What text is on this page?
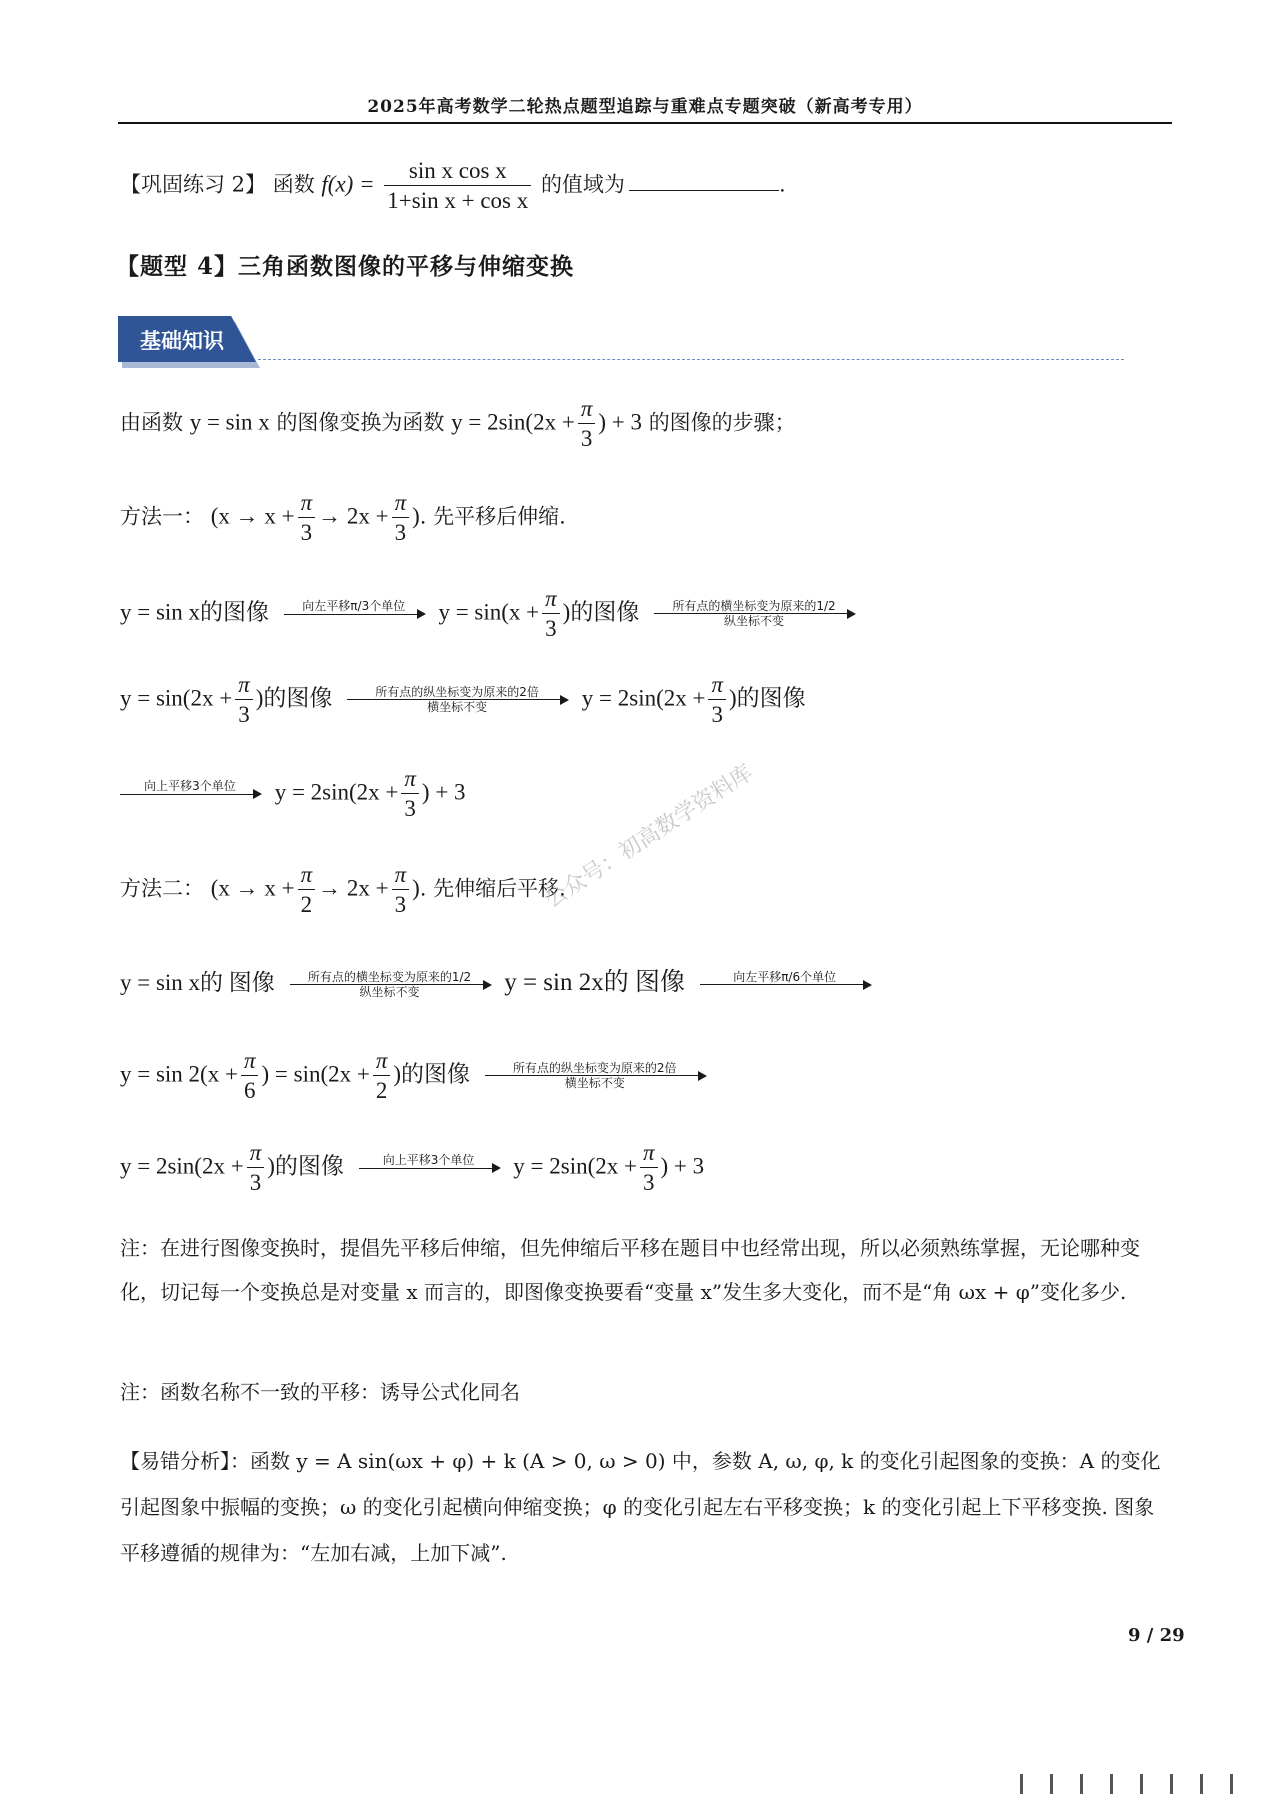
2025年高考数学二轮热点题型追踪与重难点专题突破（新高考专用）
【巩固练习 2】 函数 $f(x) = \frac{\text{sin x cos x}}{\text{1+sin x + cos x}}$ 的值域为	.
【题型 4】三角函数图像的平移与伸缩变换
基础知识
由函数 y = sin x 的图像变换为函数 $y = 2\sin(2x + \frac{\pi}{3}$ ) + 3 的图像的步骤；
方法一： ($x \to x + \frac{\pi}{3} \to 2x + \frac{\pi}{3}$ ). 先平移后伸缩.
y = sin x的图像	向左平移π/3个单位	$y = \sin(x + \frac{\pi}{3}$ )的图像	所有点的横坐标变为原来的1/2
纵坐标不变
$y = \sin(2x + \frac{\pi}{3}$ )的图像	所有点的纵坐标变为原来的2倍
横坐标不变	$y = 2\sin(2x + \frac{\pi}{3}$ )的图像
向上平移3个单位	$y = 2\sin(2x + \frac{\pi}{3}$ ) + 3
方法二： ($x \to x + \frac{\pi}{2} \to 2x + \frac{\pi}{3}$ ). 先伸缩后平移.
公众号：初高数学资料库
y = sin x的 图像	所有点的横坐标变为原来的1/2
纵坐标不变	y = sin 2x的 图像	向左平移π/6个单位
$y = \sin 2(x + \frac{\pi}{6}$ ) = $\sin(2x + \frac{\pi}{2}$ )的图像	所有点的纵坐标变为原来的2倍
横坐标不变
$y = 2\sin(2x + \frac{\pi}{3}$ )的图像	向上平移3个单位	$y = 2\sin(2x + \frac{\pi}{3}$ ) + 3
注：在进行图像变换时，提倡先平移后伸缩，但先伸缩后平移在题目中也经常出现，所以必须熟练掌握，无论哪种变化，切记每一个变换总是对变量 x 而言的，即图像变换要看“变量 x”发生多大变化，而不是“角 ωx + φ”变化多少.
注：函数名称不一致的平移：诱导公式化同名
【易错分析】：函数 y = A sin(ωx + φ) + k (A > 0, ω > 0) 中，参数 A, ω, φ, k 的变化引起图象的变换：A 的变化引起图象中振幅的变换；ω 的变化引起横向伸缩变换；φ 的变化引起左右平移变换；k 的变化引起上下平移变换. 图象平移遵循的规律为：“左加右减，上加下减”.
9 / 29
